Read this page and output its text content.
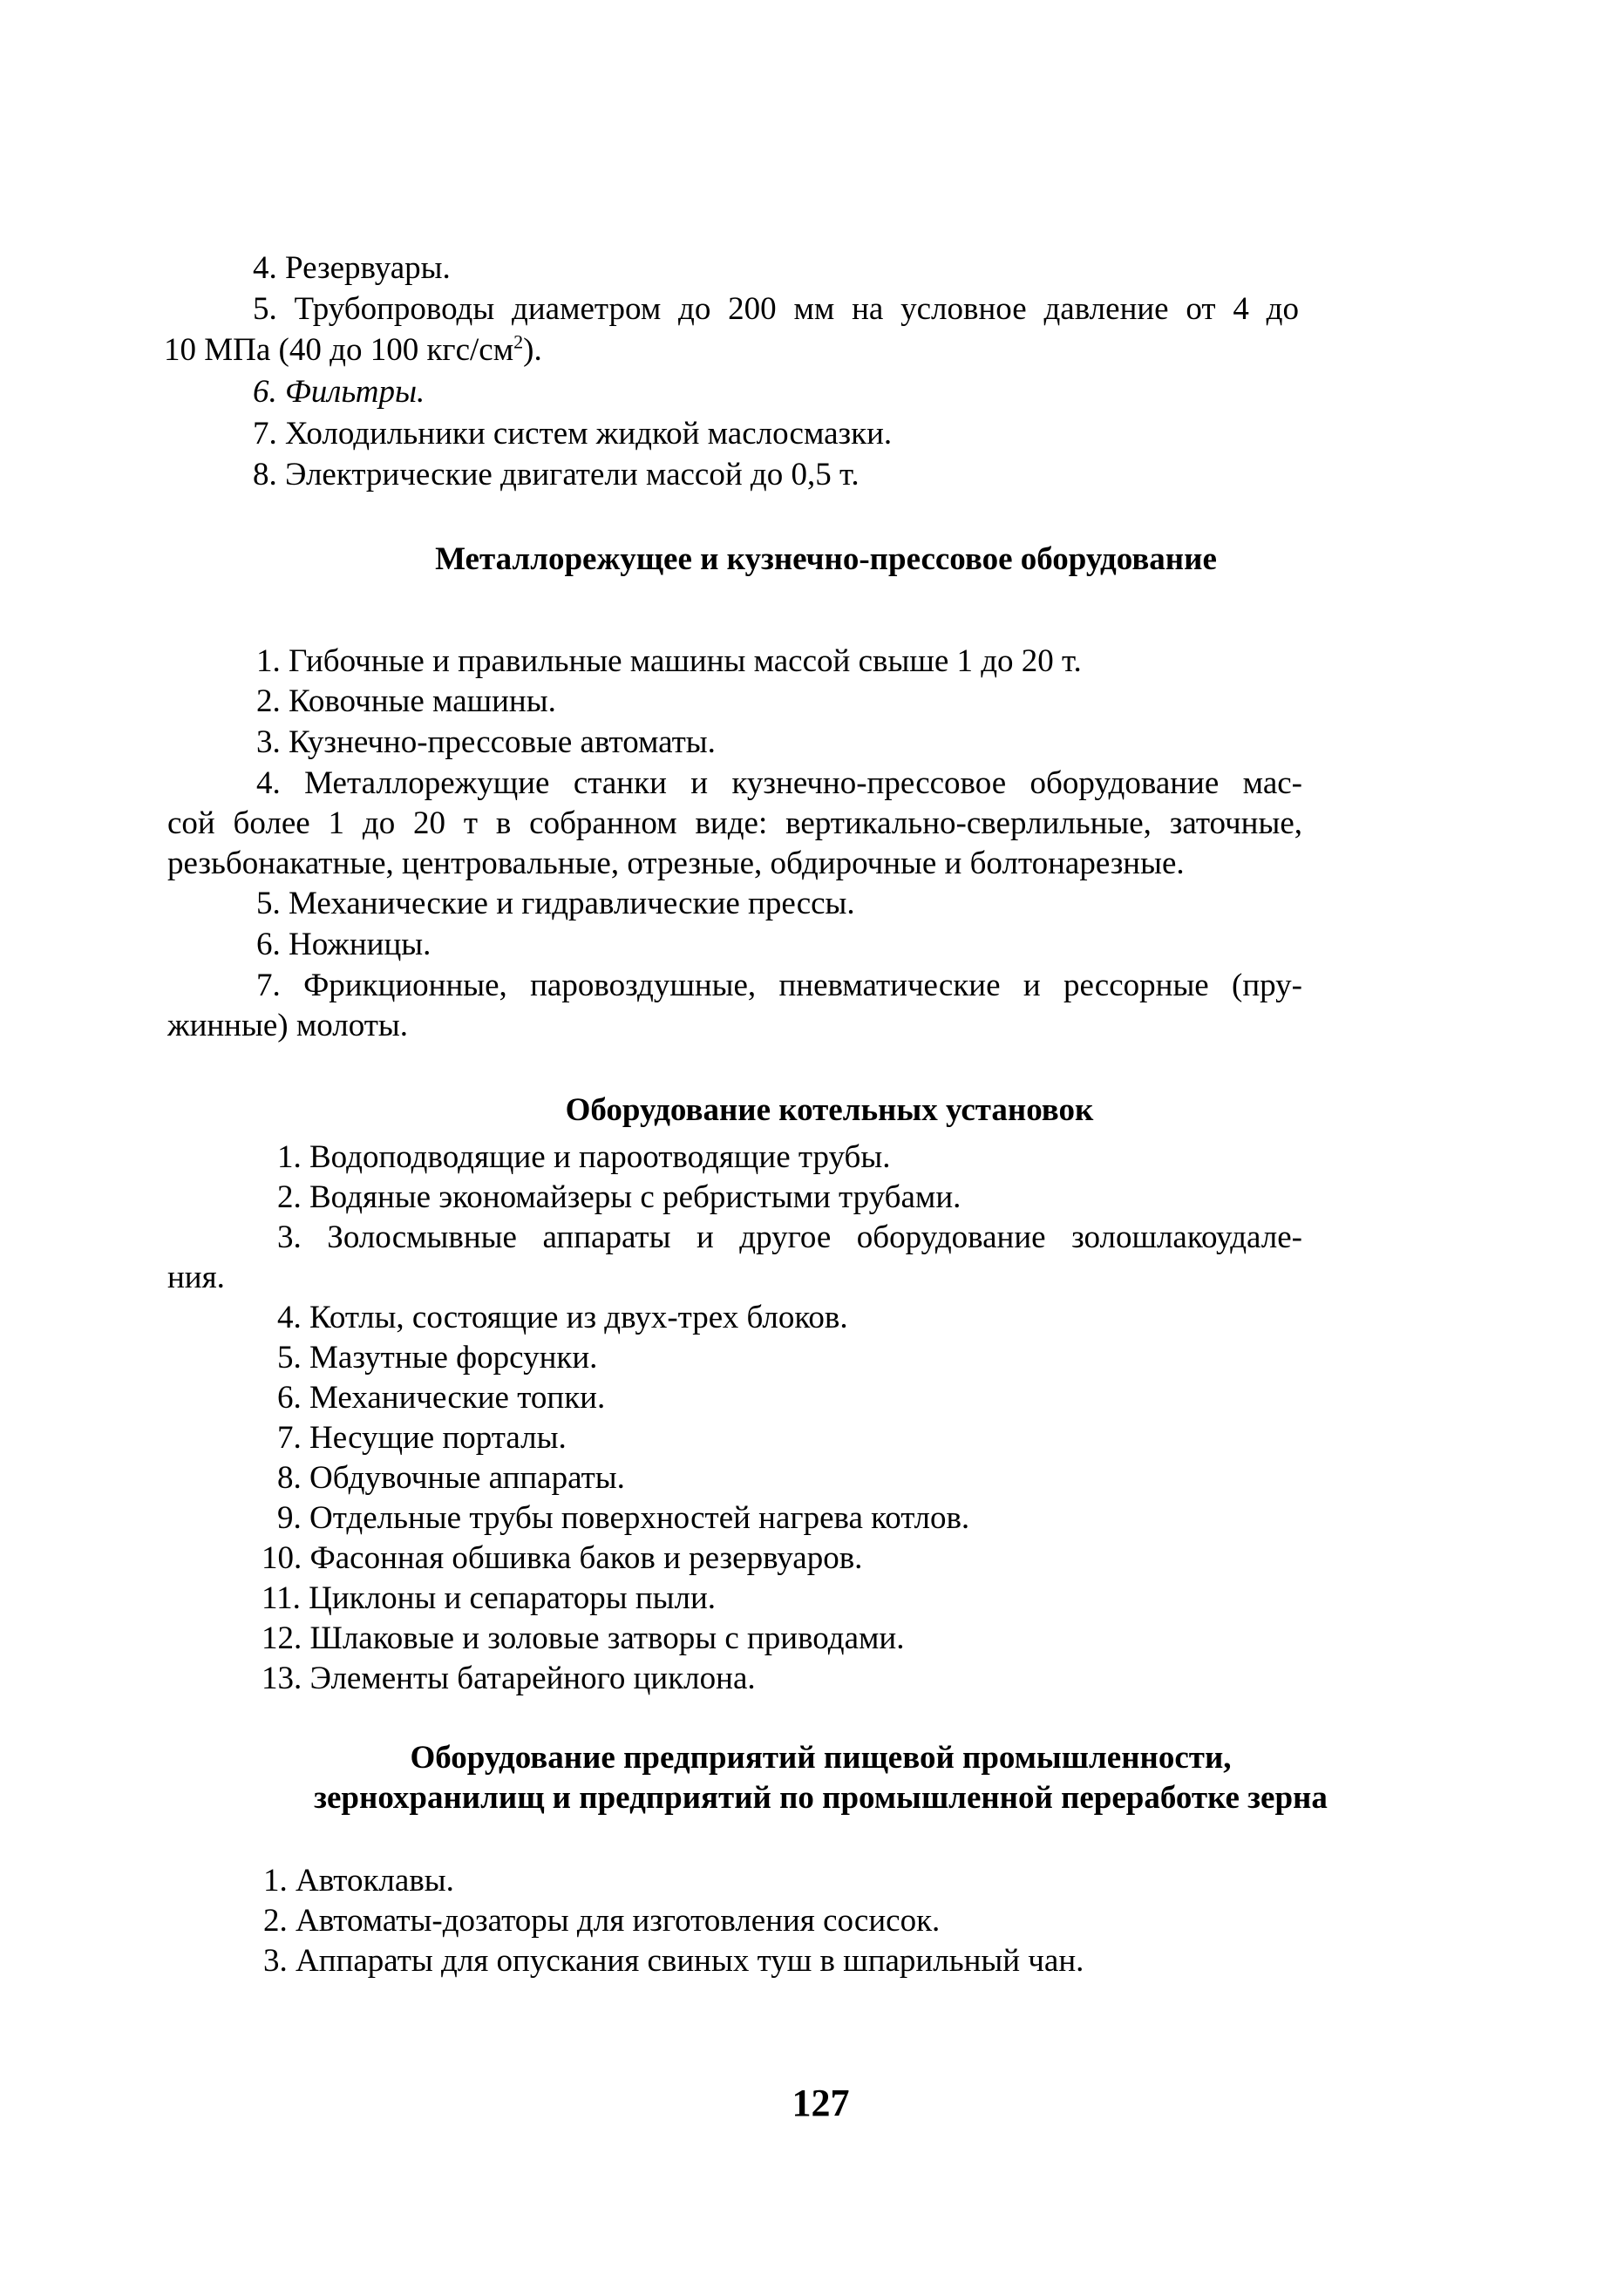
4. Резервуары.
5. Трубопроводы диаметром до 200 мм на условное давление от 4 до
10 МПа (40 до 100 кгс/$см^2$).
6. Фильтры.
7. Холодильники систем жидкой маслосмазки.
8. Электрические двигатели массой до 0,5 т.
Металлорежущее и кузнечно-прессовое оборудование
1. Гибочные и правильные машины массой свыше 1 до 20 т.
2. Ковочные машины.
3. Кузнечно-прессовые автоматы.
4. Металлорежущие станки и кузнечно-прессовое оборудование мас-
сой более 1 до 20 т в собранном виде: вертикально-сверлильные, заточные,
резьбонакатные, центровальные, отрезные, обдирочные и болтонарезные.
5. Механические и гидравлические прессы.
6. Ножницы.
7. Фрикционные, паровоздушные, пневматические и рессорные (пру-
жинные) молоты.
Оборудование котельных установок
1. Водоподводящие и пароотводящие трубы.
2. Водяные экономайзеры с ребристыми трубами.
3. Золосмывные аппараты и другое оборудование золошлакоудале-
ния.
4. Котлы, состоящие из двух-трех блоков.
5. Мазутные форсунки.
6. Механические топки.
7. Несущие порталы.
8. Обдувочные аппараты.
9. Отдельные трубы поверхностей нагрева котлов.
10. Фасонная обшивка баков и резервуаров.
11. Циклоны и сепараторы пыли.
12. Шлаковые и золовые затворы с приводами.
13. Элементы батарейного циклона.
Оборудование предприятий пищевой промышленности,
зернохранилищ и предприятий по промышленной переработке зерна
1. Автоклавы.
2. Автоматы-дозаторы для изготовления сосисок.
3. Аппараты для опускания свиных туш в шпарильный чан.
127
